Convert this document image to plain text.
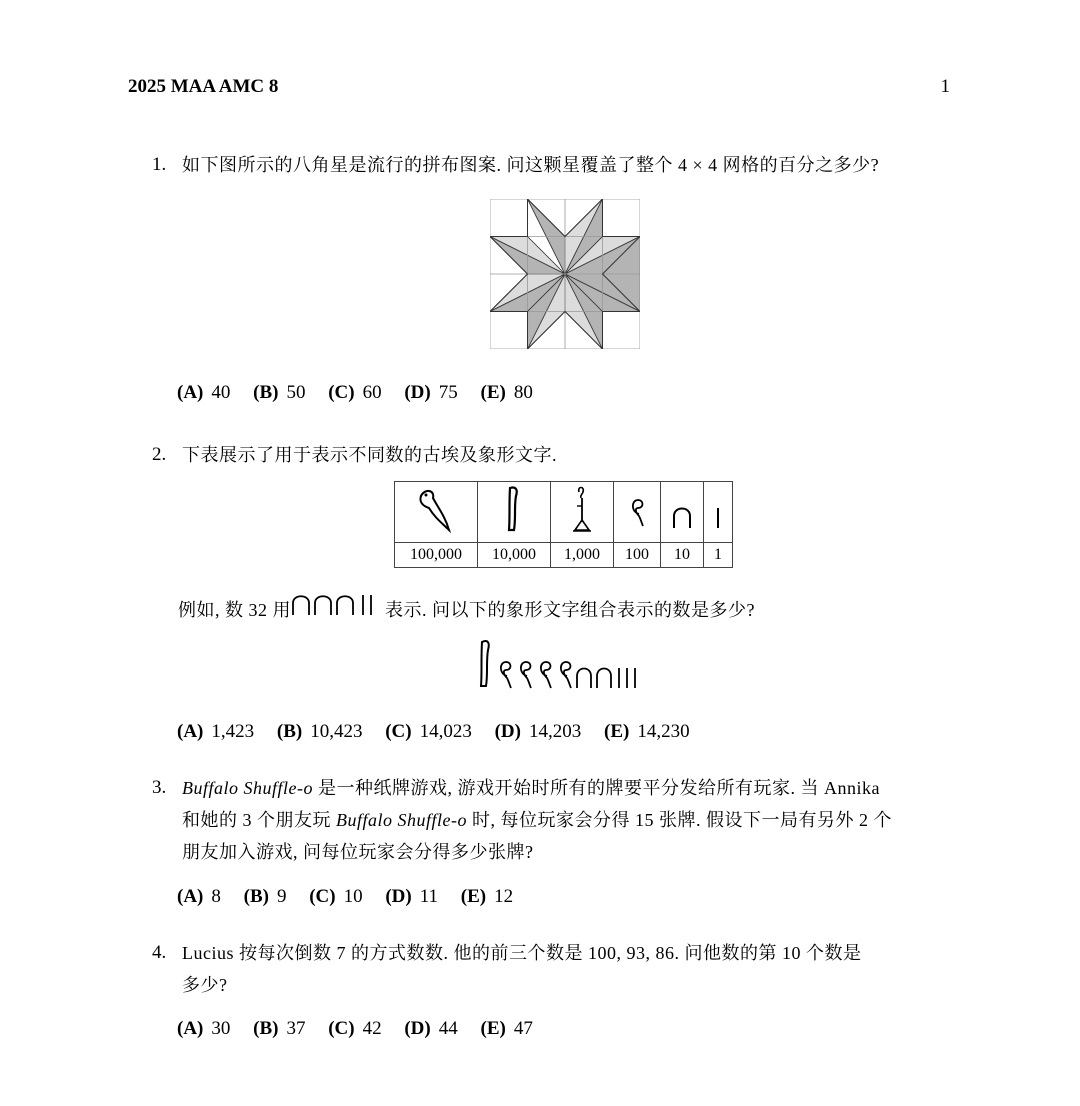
2025 MAA AMC 8	1
1. 如下图所示的八角星是流行的拼布图案. 问这颗星覆盖了整个 4 × 4 网格的百分之多少?
(A) 40 (B) 50 (C) 60 (D) 75 (E) 80
2. 下表展示了用于表示不同数的古埃及象形文字.

100,000	10,000	1,000	100	10	1
例如, 数 32 用	表示. 问以下的象形文字组合表示的数是多少?
(A) 1,423 (B) 10,423 (C) 14,023 (D) 14,203 (E) 14,230
3. Buffalo Shuffle-o 是一种纸牌游戏, 游戏开始时所有的牌要平分发给所有玩家. 当 Annika
和她的 3 个朋友玩 Buffalo Shuffle-o 时, 每位玩家会分得 15 张牌. 假设下一局有另外 2 个
朋友加入游戏, 问每位玩家会分得多少张牌?
(A) 8 (B) 9 (C) 10 (D) 11 (E) 12
4. Lucius 按每次倒数 7 的方式数数. 他的前三个数是 100, 93, 86. 问他数的第 10 个数是
多少?
(A) 30 (B) 37 (C) 42 (D) 44 (E) 47
